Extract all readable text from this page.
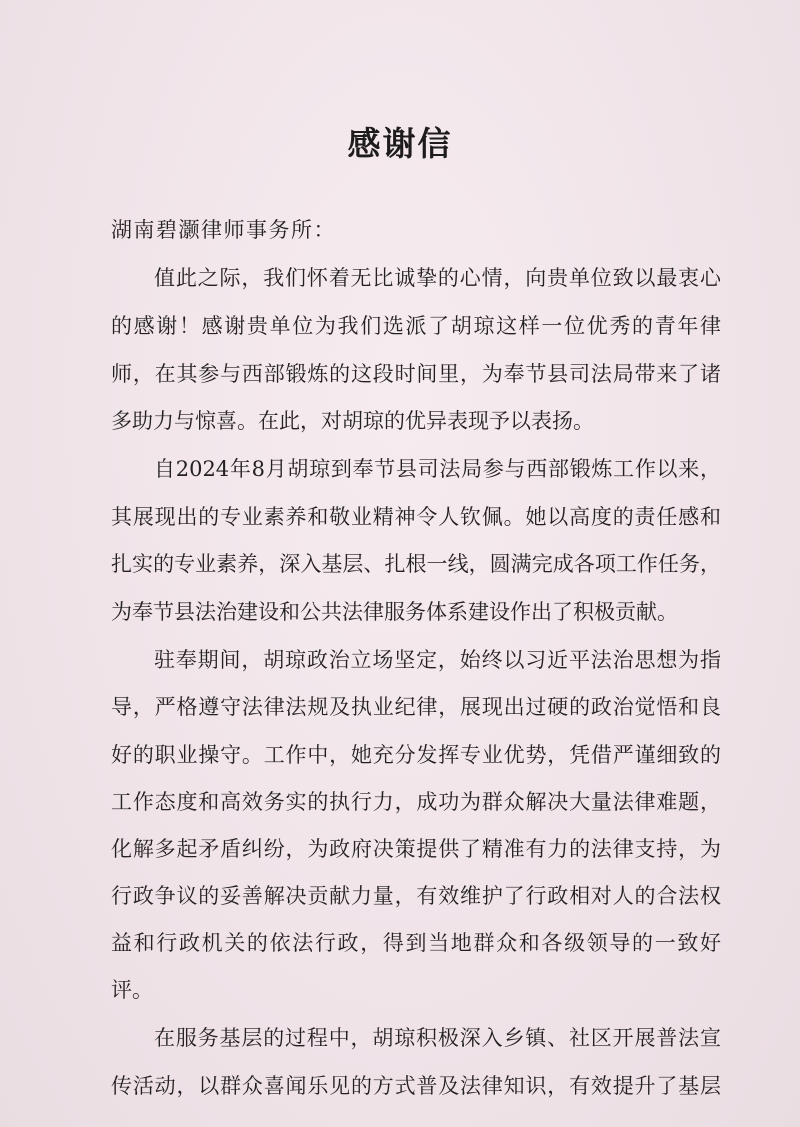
感谢信
湖南碧灏律师事务所：
值此之际，我们怀着无比诚挚的心情，向贵单位致以最衷心
的感谢！感谢贵单位为我们选派了胡琼这样一位优秀的青年律
师，在其参与西部锻炼的这段时间里，为奉节县司法局带来了诸
多助力与惊喜。在此，对胡琼的优异表现予以表扬。
自2024年8月胡琼到奉节县司法局参与西部锻炼工作以来，
其展现出的专业素养和敬业精神令人钦佩。她以高度的责任感和
扎实的专业素养，深入基层、扎根一线，圆满完成各项工作任务，
为奉节县法治建设和公共法律服务体系建设作出了积极贡献。
驻奉期间，胡琼政治立场坚定，始终以习近平法治思想为指
导，严格遵守法律法规及执业纪律，展现出过硬的政治觉悟和良
好的职业操守。工作中，她充分发挥专业优势，凭借严谨细致的
工作态度和高效务实的执行力，成功为群众解决大量法律难题，
化解多起矛盾纠纷，为政府决策提供了精准有力的法律支持，为
行政争议的妥善解决贡献力量，有效维护了行政相对人的合法权
益和行政机关的依法行政，得到当地群众和各级领导的一致好
评。
在服务基层的过程中，胡琼积极深入乡镇、社区开展普法宣
传活动，以群众喜闻乐见的方式普及法律知识，有效提升了基层
